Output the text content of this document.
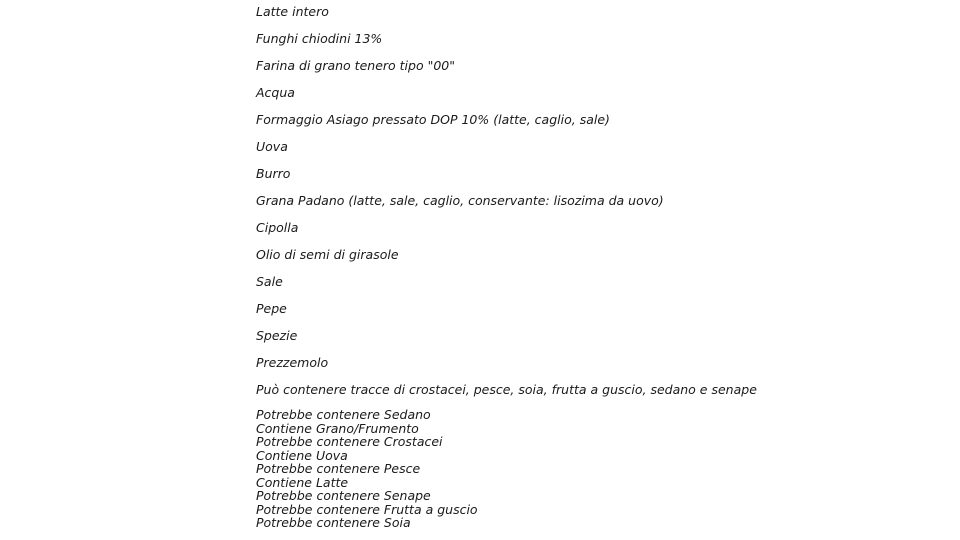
Latte intero
Funghi chiodini 13%
Farina di grano tenero tipo "00"
Acqua
Formaggio Asiago pressato DOP 10% (latte, caglio, sale)
Uova
Burro
Grana Padano (latte, sale, caglio, conservante: lisozima da uovo)
Cipolla
Olio di semi di girasole
Sale
Pepe
Spezie
Prezzemolo
Può contenere tracce di crostacei, pesce, soia, frutta a guscio, sedano e senape
Potrebbe contenere Sedano
Contiene Grano/Frumento
Potrebbe contenere Crostacei
Contiene Uova
Potrebbe contenere Pesce
Contiene Latte
Potrebbe contenere Senape
Potrebbe contenere Frutta a guscio
Potrebbe contenere Soia
